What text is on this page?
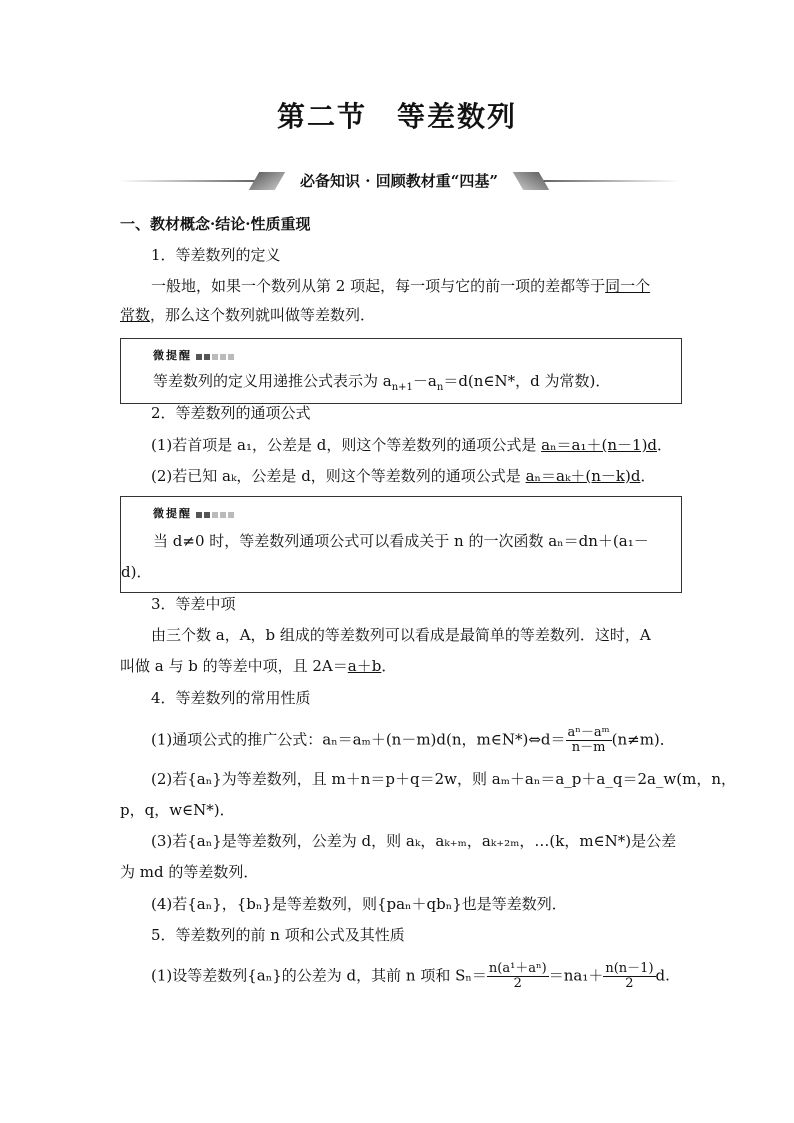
第二节　等差数列
必备知识 · 回顾教材重“四基”
一、教材概念·结论·性质重现
1．等差数列的定义
一般地，如果一个数列从第 2 项起，每一项与它的前一项的差都等于同一个
常数，那么这个数列就叫做等差数列．
微提醒
等差数列的定义用递推公式表示为 $a_{n+1}-a_n=d(n\in N*$，d 为常数)．
2．等差数列的通项公式
(1)若首项是 a₁，公差是 d，则这个等差数列的通项公式是 aₙ＝a₁＋(n－1)d．
(2)若已知 aₖ，公差是 d，则这个等差数列的通项公式是 aₙ＝aₖ＋(n－k)d．
微提醒
当 d≠0 时，等差数列通项公式可以看成关于 n 的一次函数 aₙ＝dn＋(a₁－
d)．
3．等差中项
由三个数 a，A，b 组成的等差数列可以看成是最简单的等差数列．这时，A
叫做 a 与 b 的等差中项，且 2A＝a＋b．
4．等差数列的常用性质
(1)通项公式的推广公式：aₙ＝aₘ＋(n－m)d(n，m∈N*)⇔d＝ $\frac{\text{aⁿ－aᵐ}}{n-m} (n\ne m)$．
(2)若{aₙ}为等差数列，且 m＋n＝p＋q＝2w，则 aₘ＋aₙ＝a_p＋a_q＝2a_w(m，n，
p，q，w∈N*)．
(3)若{aₙ}是等差数列，公差为 d，则 aₖ，aₖ₊ₘ，aₖ₊₂ₘ，…(k，m∈N*)是公差
为 md 的等差数列．
(4)若{aₙ}，{bₙ}是等差数列，则{paₙ＋qbₙ}也是等差数列．
5．等差数列的前 n 项和公式及其性质
(1)设等差数列{aₙ}的公差为 d，其前 n 项和 $S_n= \frac{\text{n(a¹＋aⁿ)}}{2} =na_1+ \frac{n(n-1)}{2} d$.
